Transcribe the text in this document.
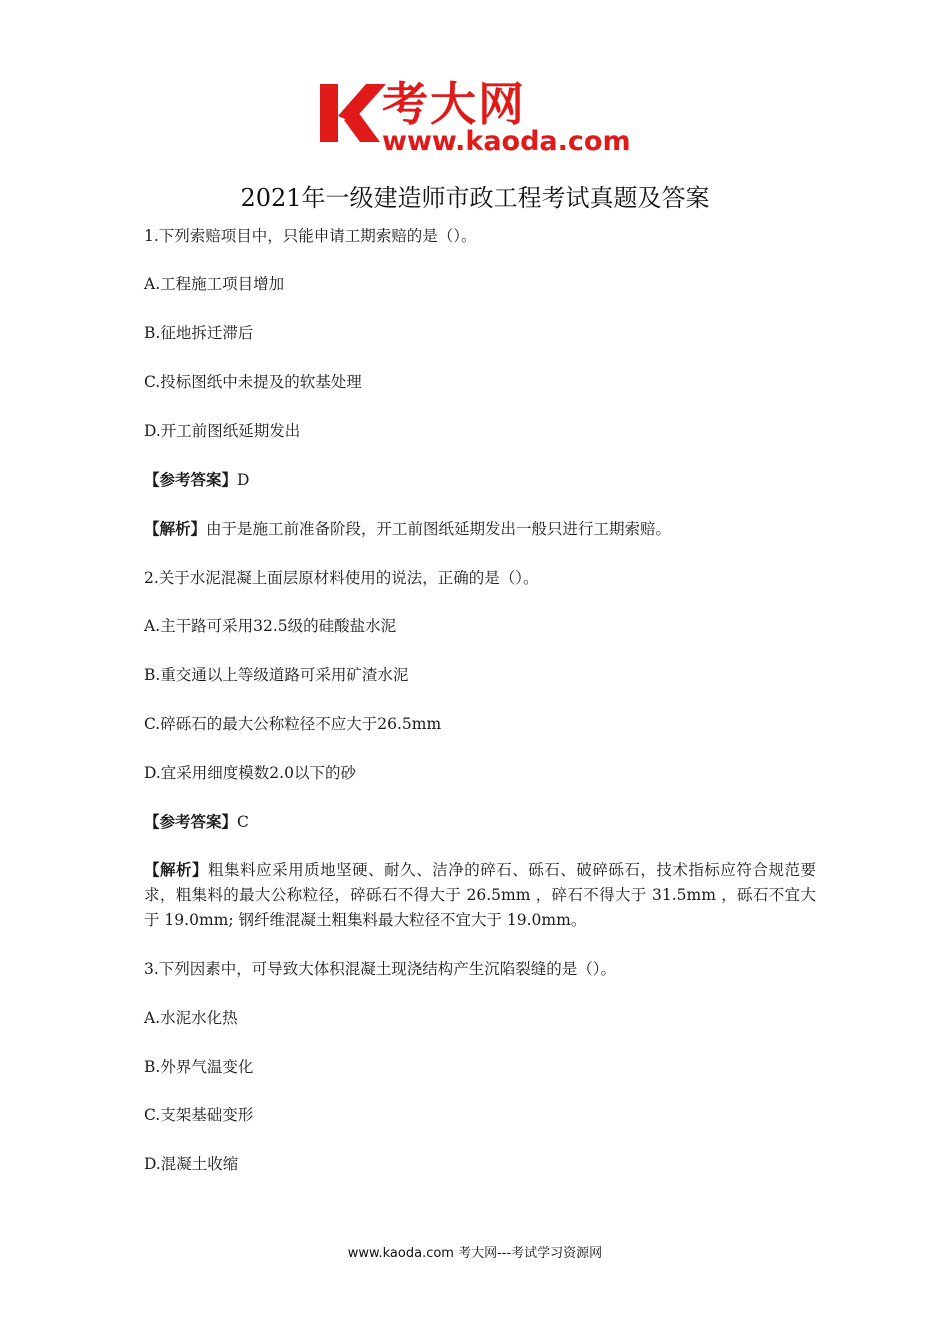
考大网
www.kaoda.com
2021年一级建造师市政工程考试真题及答案
1.下列索赔项目中，只能申请工期索赔的是（）。
A.工程施工项目增加
B.征地拆迁滞后
C.投标图纸中未提及的软基处理
D.开工前图纸延期发出
【参考答案】D
【解析】由于是施工前准备阶段，开工前图纸延期发出一般只进行工期索赔。
2.关于水泥混凝上面层原材料使用的说法，正确的是（）。
A.主干路可采用32.5级的硅酸盐水泥
B.重交通以上等级道路可采用矿渣水泥
C.碎砾石的最大公称粒径不应大于26.5mm
D.宜采用细度模数2.0以下的砂
【参考答案】C
【解析】粗集料应采用质地坚硬、耐久、洁净的碎石、砾石、破碎砾石，技术指标应符合规范要求，粗集料的最大公称粒径，碎砾石不得大于 26.5mm ，碎石不得大于 31.5mm ，砾石不宜大于 19.0mm; 钢纤维混凝土粗集料最大粒径不宜大于 19.0mm。
3.下列因素中，可导致大体积混凝土现浇结构产生沉陷裂缝的是（）。
A.水泥水化热
B.外界气温变化
C.支架基础变形
D.混凝土收缩
www.kaoda.com 考大网---考试学习资源网
